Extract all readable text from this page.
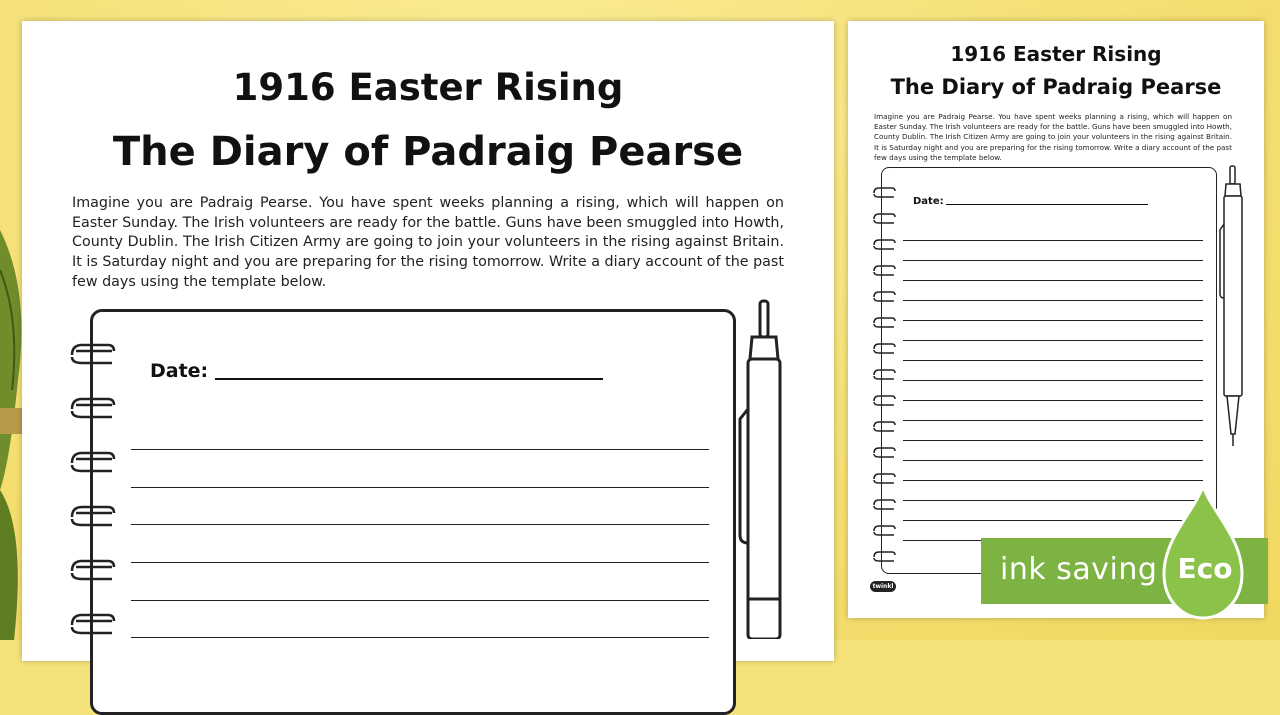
1916 Easter Rising
The Diary of Padraig Pearse

Imagine you are Padraig Pearse. You have spent weeks planning a rising, which will happen on Easter Sunday. The Irish volunteers are ready for the battle. Guns have been smuggled into Howth, County Dublin. The Irish Citizen Army are going to join your volunteers in the rising against Britain. It is Saturday night and you are preparing for the rising tomorrow. Write a diary account of the past few days using the template below.

Date:
1916 Easter Rising
The Diary of Padraig Pearse

Imagine you are Padraig Pearse. You have spent weeks planning a rising, which will happen on Easter Sunday. The Irish volunteers are ready for the battle. Guns have been smuggled into Howth, County Dublin. The Irish Citizen Army are going to join your volunteers in the rising against Britain. It is Saturday night and you are preparing for the rising tomorrow. Write a diary account of the past few days using the template below.

Date:
twinkl	ink saving Eco
